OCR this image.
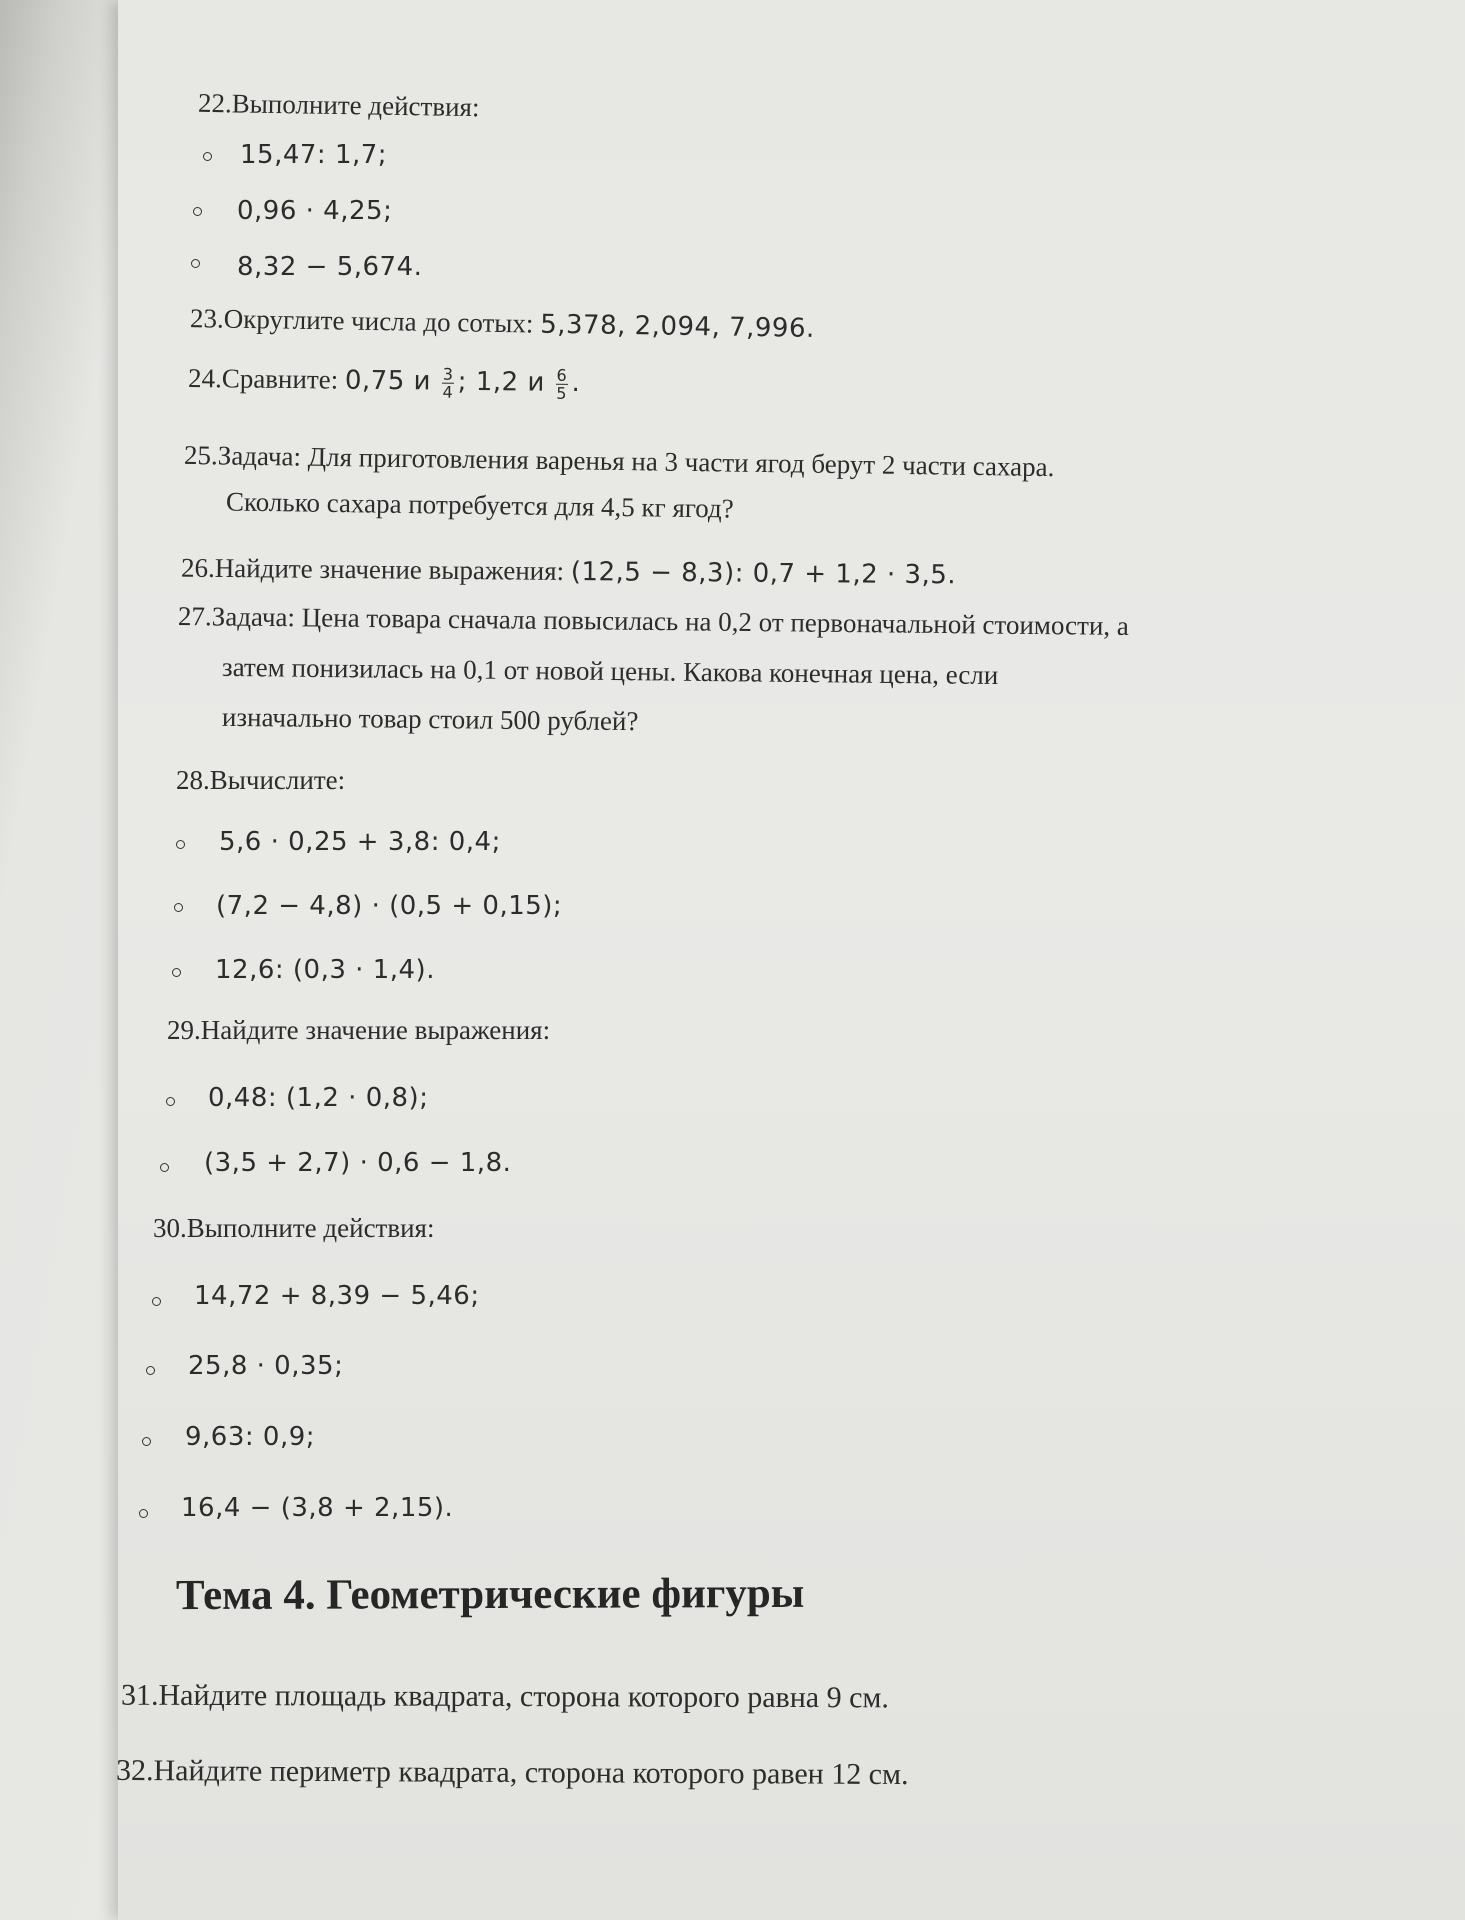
22.Выполните действия:
15,47: 1,7;
0,96 · 4,25;
8,32 − 5,674.
23.Округлите числа до сотых: 5,378, 2,094, 7,996.
24.Сравните: 0,75 и $\frac{3}{4}$ ; 1,2 и $\frac{6}{5}$ .
25.Задача: Для приготовления варенья на 3 части ягод берут 2 части сахара.
Сколько сахара потребуется для 4,5 кг ягод?
26.Найдите значение выражения: (12,5 − 8,3): 0,7 + 1,2 · 3,5.
27.Задача: Цена товара сначала повысилась на 0,2 от первоначальной стоимости, а
затем понизилась на 0,1 от новой цены. Какова конечная цена, если
изначально товар стоил 500 рублей?
28.Вычислите:
5,6 · 0,25 + 3,8: 0,4;
(7,2 − 4,8) · (0,5 + 0,15);
12,6: (0,3 · 1,4).
29.Найдите значение выражения:
0,48: (1,2 · 0,8);
(3,5 + 2,7) · 0,6 − 1,8.
30.Выполните действия:
14,72 + 8,39 − 5,46;
25,8 · 0,35;
9,63: 0,9;
16,4 − (3,8 + 2,15).
Тема 4. Геометрические фигуры
31.Найдите площадь квадрата, сторона которого равна 9 см.
32.Найдите периметр квадрата, сторона которого равен 12 см.
